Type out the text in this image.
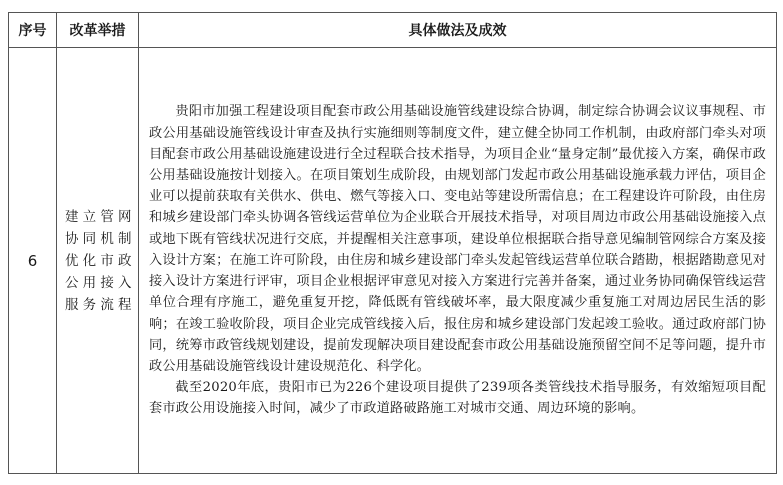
序号	改革举措	具体做法及成效
6	建立管网协同机制优化市政公用接入服务流程	贵阳市加强工程建设项目配套市政公用基础设施管线建设综合协调，制定综合协调会议议事规程、市政公用基础设施管线设计审查及执行实施细则等制度文件，建立健全协同工作机制，由政府部门牵头对项目配套市政公用基础设施建设进行全过程联合技术指导，为项目企业“量身定制”最优接入方案，确保市政公用基础设施按计划接入。在项目策划生成阶段，由规划部门发起市政公用基础设施承载力评估，项目企业可以提前获取有关供水、供电、燃气等接入口、变电站等建设所需信息；在工程建设许可阶段，由住房和城乡建设部门牵头协调各管线运营单位为企业联合开展技术指导，对项目周边市政公用基础设施接入点或地下既有管线状况进行交底，并提醒相关注意事项，建设单位根据联合指导意见编制管网综合方案及接入设计方案；在施工许可阶段，由住房和城乡建设部门牵头发起管线运营单位联合踏勘，根据踏勘意见对接入设计方案进行评审，项目企业根据评审意见对接入方案进行完善并备案，通过业务协同确保管线运营单位合理有序施工，避免重复开挖，降低既有管线破坏率，最大限度减少重复施工对周边居民生活的影响；在竣工验收阶段，项目企业完成管线接入后，报住房和城乡建设部门发起竣工验收。通过政府部门协同，统筹市政管线规划建设，提前发现解决项目建设配套市政公用基础设施预留空间不足等问题，提升市政公用基础设施管线设计建设规范化、科学化。

截至2020年底，贵阳市已为226个建设项目提供了239项各类管线技术指导服务，有效缩短项目配套市政公用设施接入时间，减少了市政道路破路施工对城市交通、周边环境的影响。
